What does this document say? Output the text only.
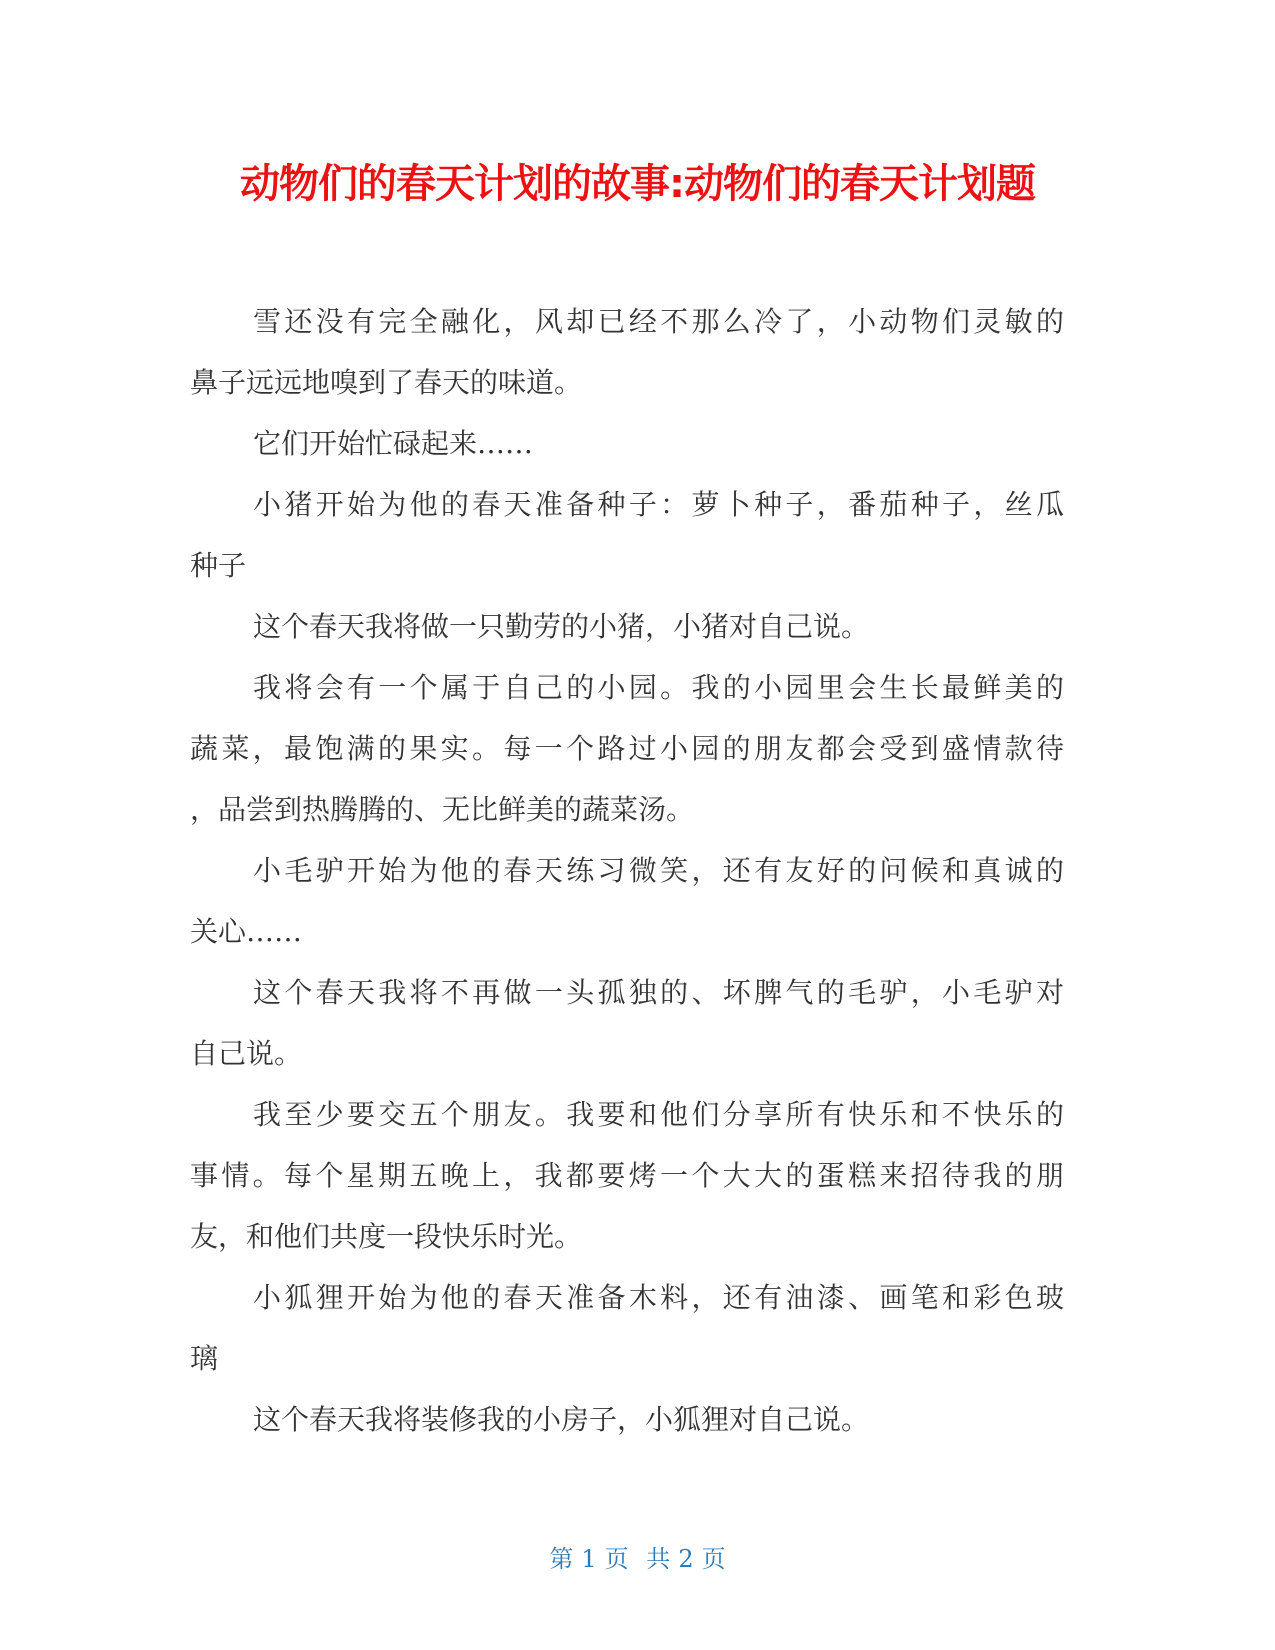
动物们的春天计划的故事:动物们的春天计划题
雪还没有完全融化，风却已经不那么冷了，小动物们灵敏的
鼻子远远地嗅到了春天的味道。
它们开始忙碌起来……
小猪开始为他的春天准备种子：萝卜种子，番茄种子，丝瓜
种子
这个春天我将做一只勤劳的小猪，小猪对自己说。
我将会有一个属于自己的小园。我的小园里会生长最鲜美的
蔬菜，最饱满的果实。每一个路过小园的朋友都会受到盛情款待
，品尝到热腾腾的、无比鲜美的蔬菜汤。
小毛驴开始为他的春天练习微笑，还有友好的问候和真诚的
关心……
这个春天我将不再做一头孤独的、坏脾气的毛驴，小毛驴对
自己说。
我至少要交五个朋友。我要和他们分享所有快乐和不快乐的
事情。每个星期五晚上，我都要烤一个大大的蛋糕来招待我的朋
友，和他们共度一段快乐时光。
小狐狸开始为他的春天准备木料，还有油漆、画笔和彩色玻
璃
这个春天我将装修我的小房子，小狐狸对自己说。
第 1 页 共 2 页
